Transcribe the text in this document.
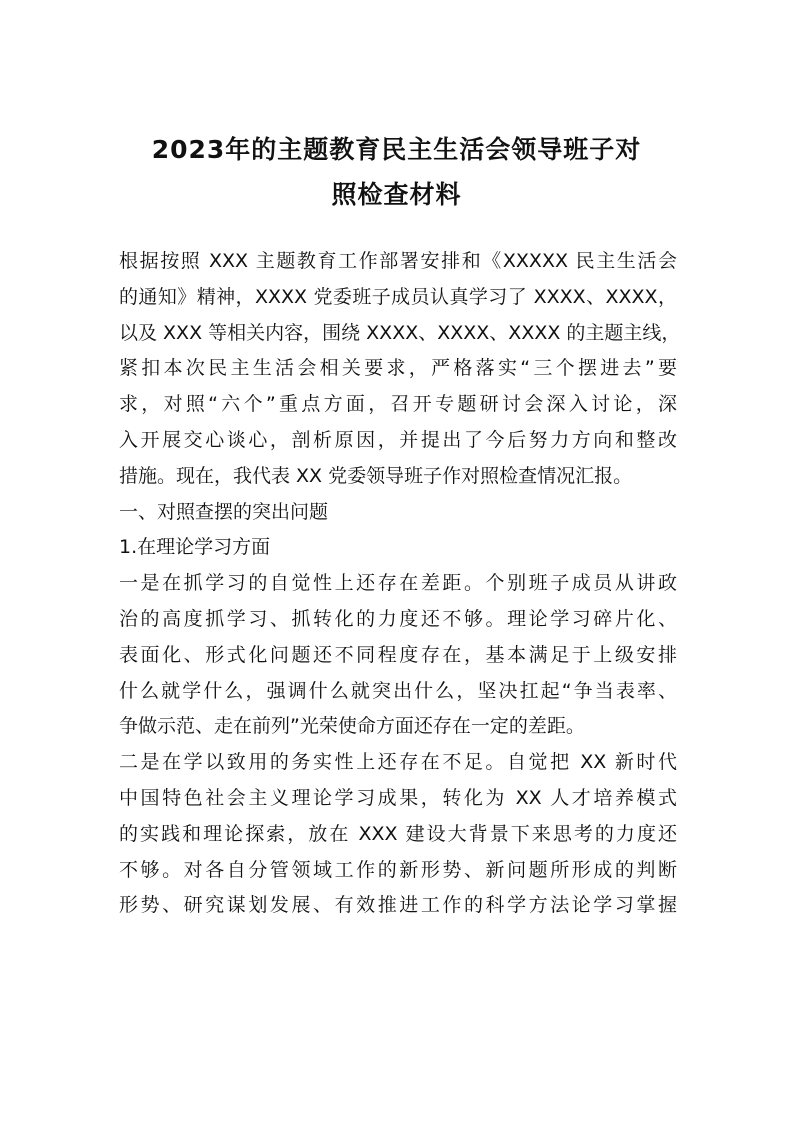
2023年的主题教育民主生活会领导班子对
照检查材料
根据按照 XXX 主题教育工作部署安排和《XXXXX 民主生活会
的通知》精神，XXXX 党委班子成员认真学习了 XXXX、XXXX，
以及 XXX 等相关内容，围绕 XXXX、XXXX、XXXX 的主题主线，
紧扣本次民主生活会相关要求，严格落实“三个摆进去”要
求，对照“六个”重点方面，召开专题研讨会深入讨论，深
入开展交心谈心，剖析原因，并提出了今后努力方向和整改
措施。现在，我代表 XX 党委领导班子作对照检查情况汇报。
一、对照查摆的突出问题
1.在理论学习方面
一是在抓学习的自觉性上还存在差距。个别班子成员从讲政
治的高度抓学习、抓转化的力度还不够。理论学习碎片化、
表面化、形式化问题还不同程度存在，基本满足于上级安排
什么就学什么，强调什么就突出什么，坚决扛起“争当表率、
争做示范、走在前列”光荣使命方面还存在一定的差距。
二是在学以致用的务实性上还存在不足。自觉把 XX 新时代
中国特色社会主义理论学习成果，转化为 XX 人才培养模式
的实践和理论探索，放在 XXX 建设大背景下来思考的力度还
不够。对各自分管领域工作的新形势、新问题所形成的判断
形势、研究谋划发展、有效推进工作的科学方法论学习掌握
